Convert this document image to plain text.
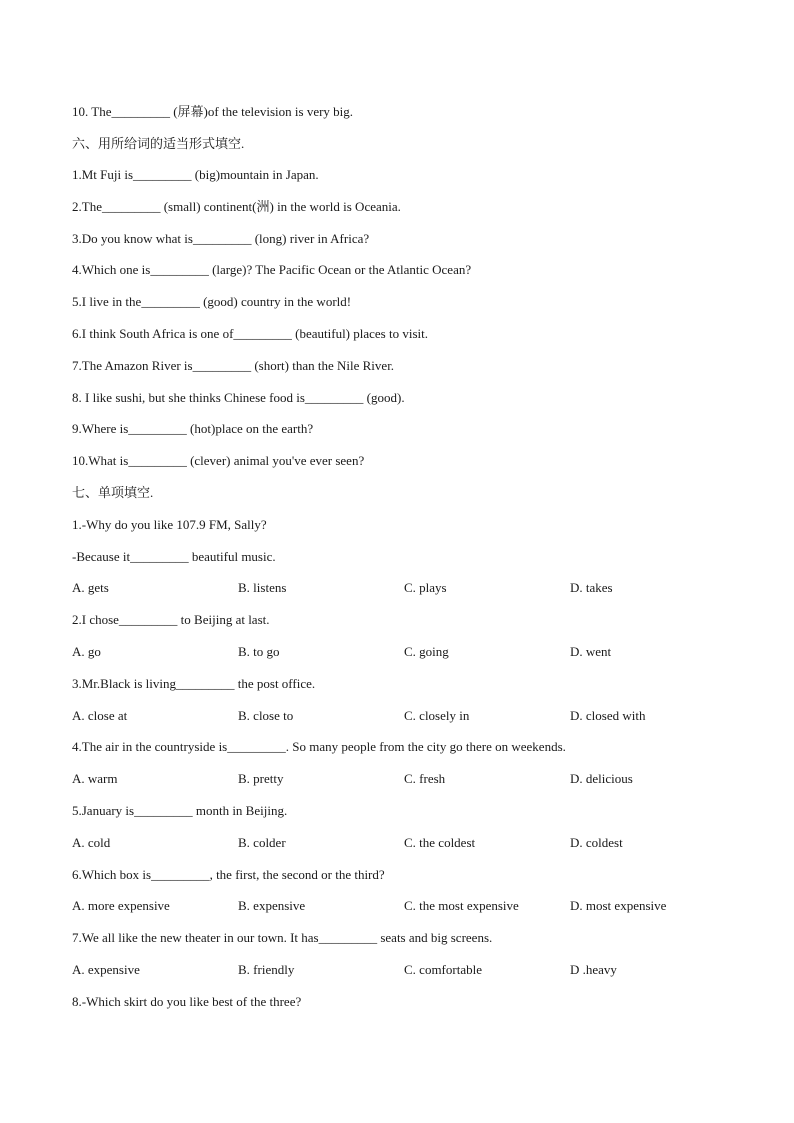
10. The_________ (屏幕)of the television is very big.
六、用所给词的适当形式填空.
1.Mt Fuji is_________ (big)mountain in Japan.
2.The_________ (small) continent(洲) in the world is Oceania.
3.Do you know what is_________ (long) river in Africa?
4.Which one is_________ (large)? The Pacific Ocean or the Atlantic Ocean?
5.I live in the_________ (good) country in the world!
6.I think South Africa is one of_________ (beautiful) places to visit.
7.The Amazon River is_________ (short) than the Nile River.
8. I like sushi, but she thinks Chinese food is_________ (good).
9.Where is_________ (hot)place on the earth?
10.What is_________ (clever) animal you've ever seen?
七、单项填空.
1.-Why do you like 107.9 FM, Sally?
-Because it_________ beautiful music.
A. gets	B. listens	C. plays	D. takes
2.I chose_________ to Beijing at last.
A. go	B. to go	C. going	D. went
3.Mr.Black is living_________ the post office.
A. close at	B. close to	C. closely in	D. closed with
4.The air in the countryside is_________. So many people from the city go there on weekends.
A. warm	B. pretty	C. fresh	D. delicious
5.January is_________ month in Beijing.
A. cold	B. colder	C. the coldest	D. coldest
6.Which box is_________, the first, the second or the third?
A. more expensive	B. expensive	C. the most expensive	D. most expensive
7.We all like the new theater in our town. It has_________ seats and big screens.
A. expensive	B. friendly	C. comfortable	D .heavy
8.-Which skirt do you like best of the three?
